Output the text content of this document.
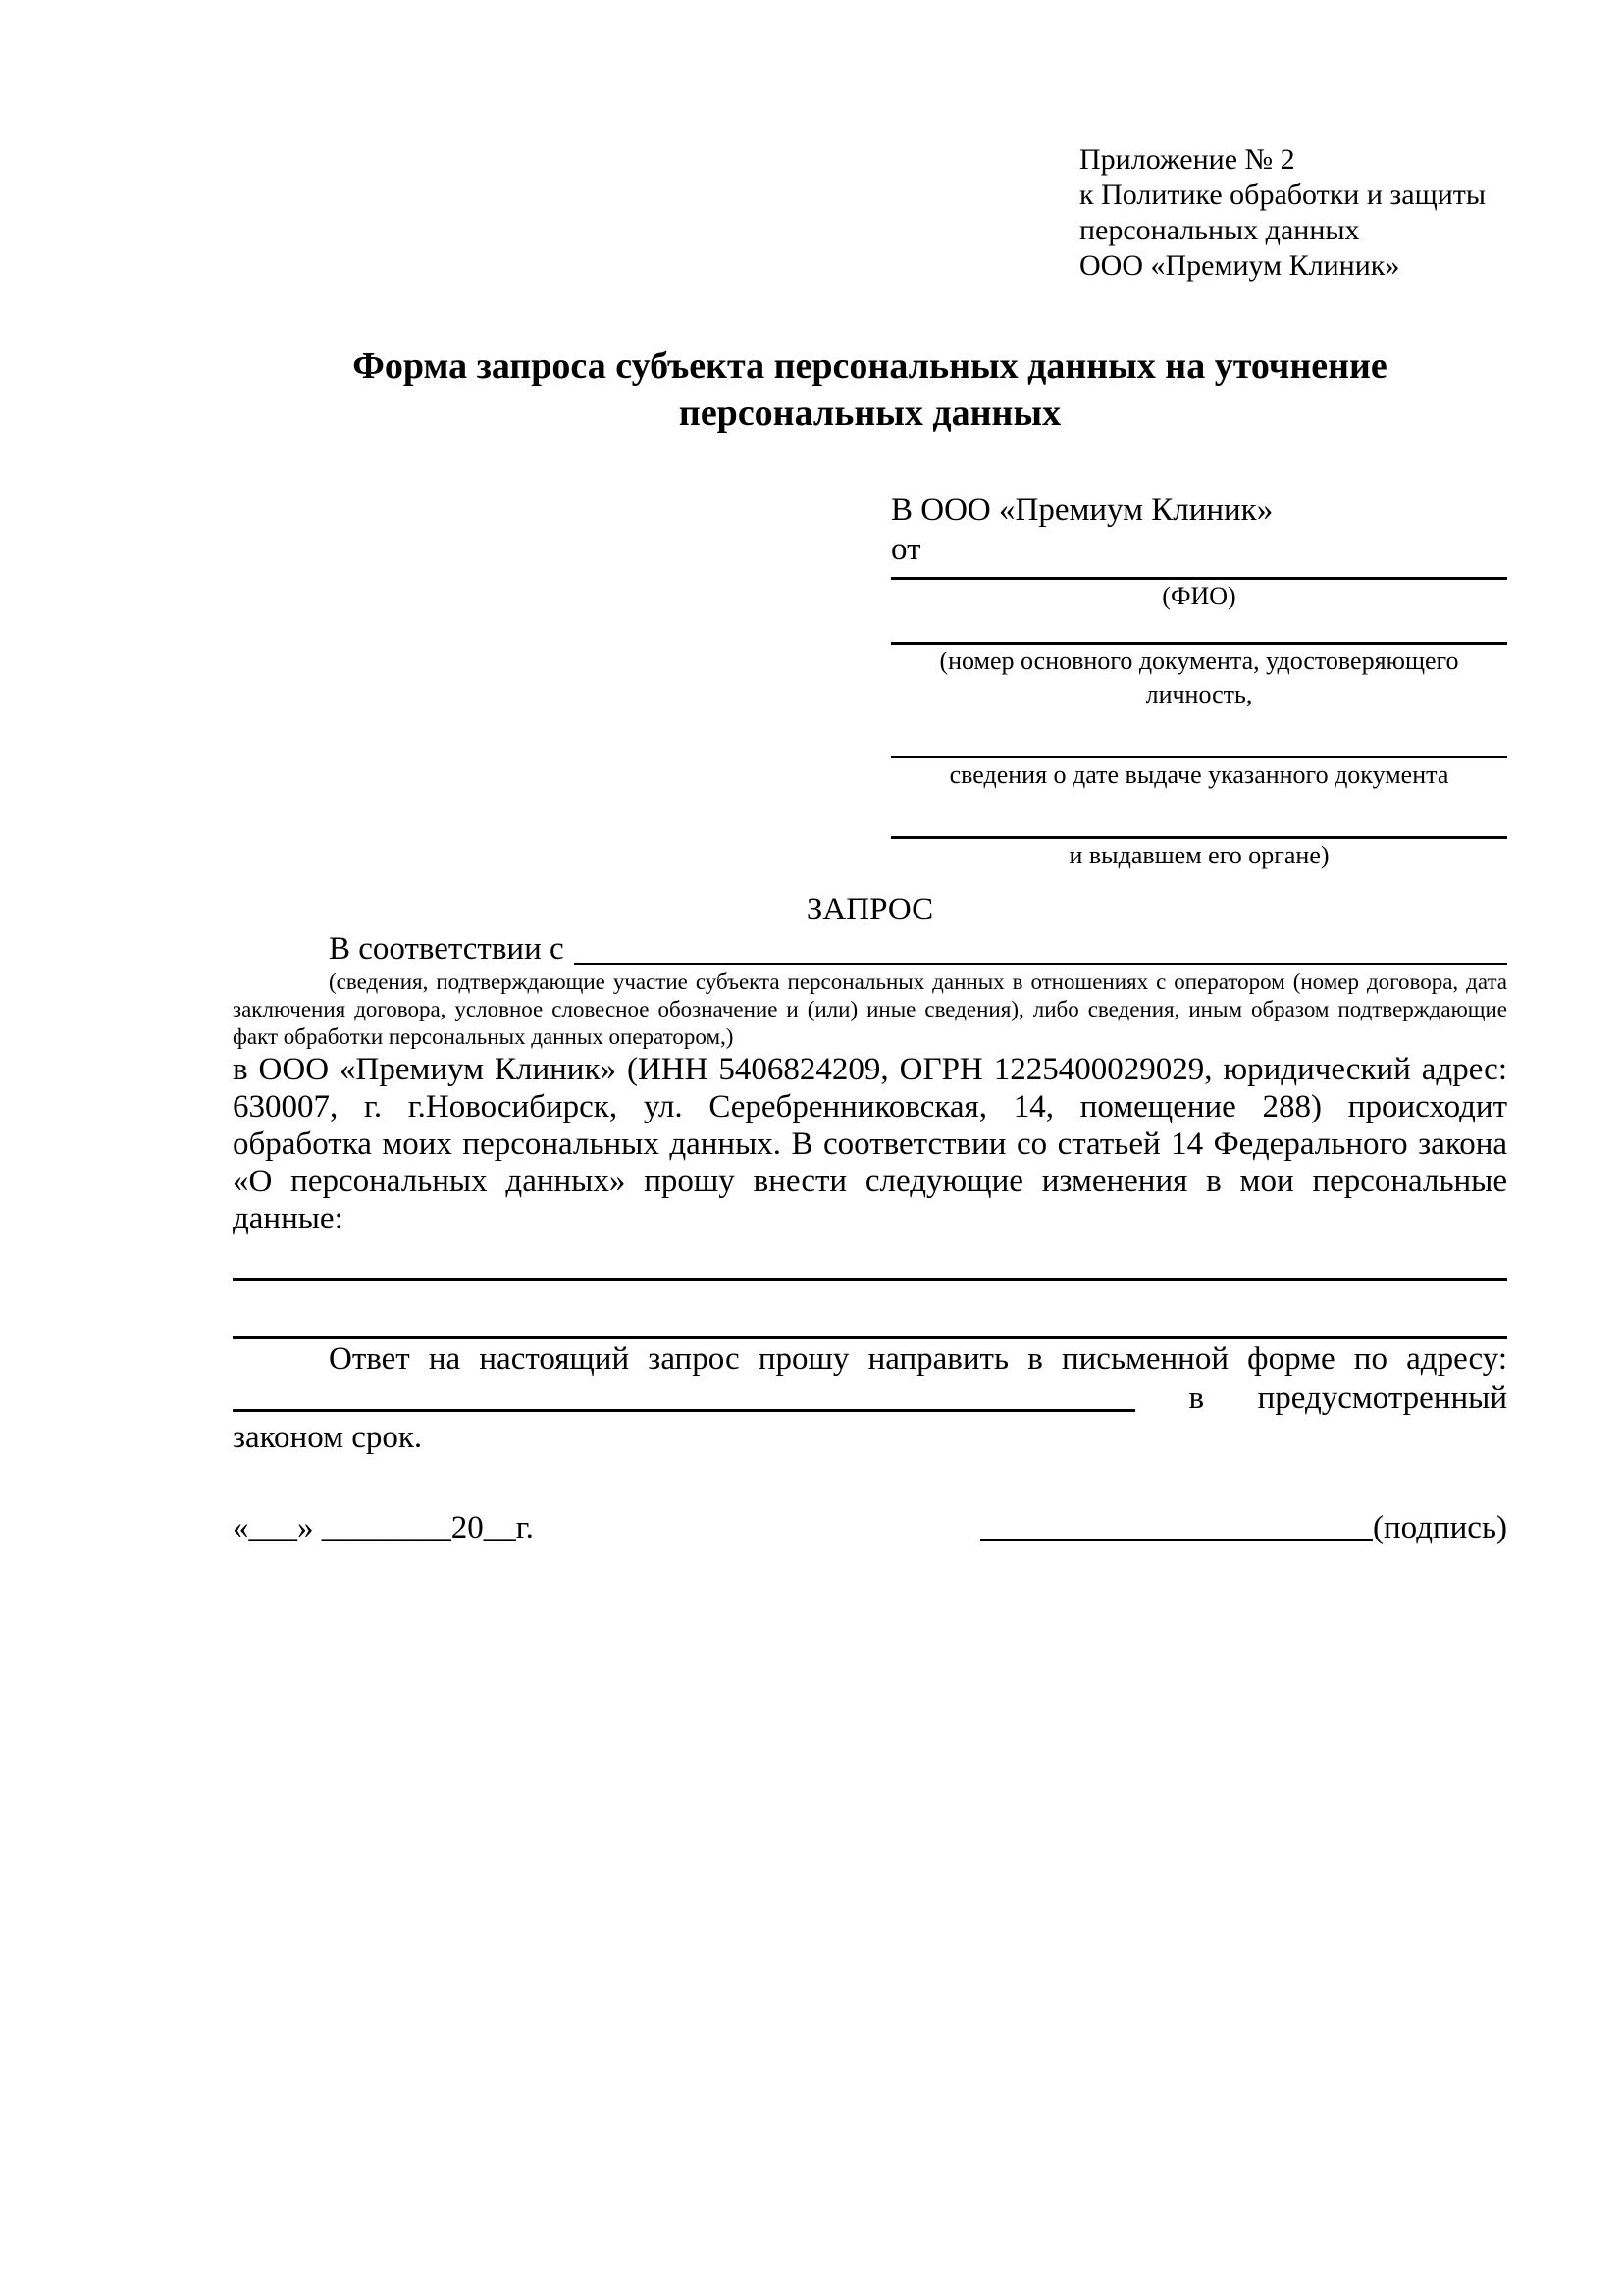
Приложение № 2
к Политике обработки и защиты
персональных данных
ООО «Премиум Клиник»
Форма запроса субъекта персональных данных на уточнение персональных данных
В ООО «Премиум Клиник»
от
(ФИО)
(номер основного документа, удостоверяющего личность,
сведения о дате выдаче указанного документа
и выдавшем его органе)
ЗАПРОС
В соответствии с
(сведения, подтверждающие участие субъекта персональных данных в отношениях с оператором (номер договора, дата заключения договора, условное словесное обозначение и (или) иные сведения), либо сведения, иным образом подтверждающие факт обработки персональных данных оператором,)
в ООО «Премиум Клиник» (ИНН 5406824209, ОГРН 1225400029029, юридический адрес: 630007, г. г.Новосибирск, ул. Серебренниковская, 14, помещение 288) происходит обработка моих персональных данных. В соответствии со статьей 14 Федерального закона «О персональных данных» прошу внести следующие изменения в мои персональные данные:

Ответ на настоящий запрос прошу направить в письменной форме по адресу:

в предусмотренный
законом срок.
«___» ________20__г.	(подпись)
